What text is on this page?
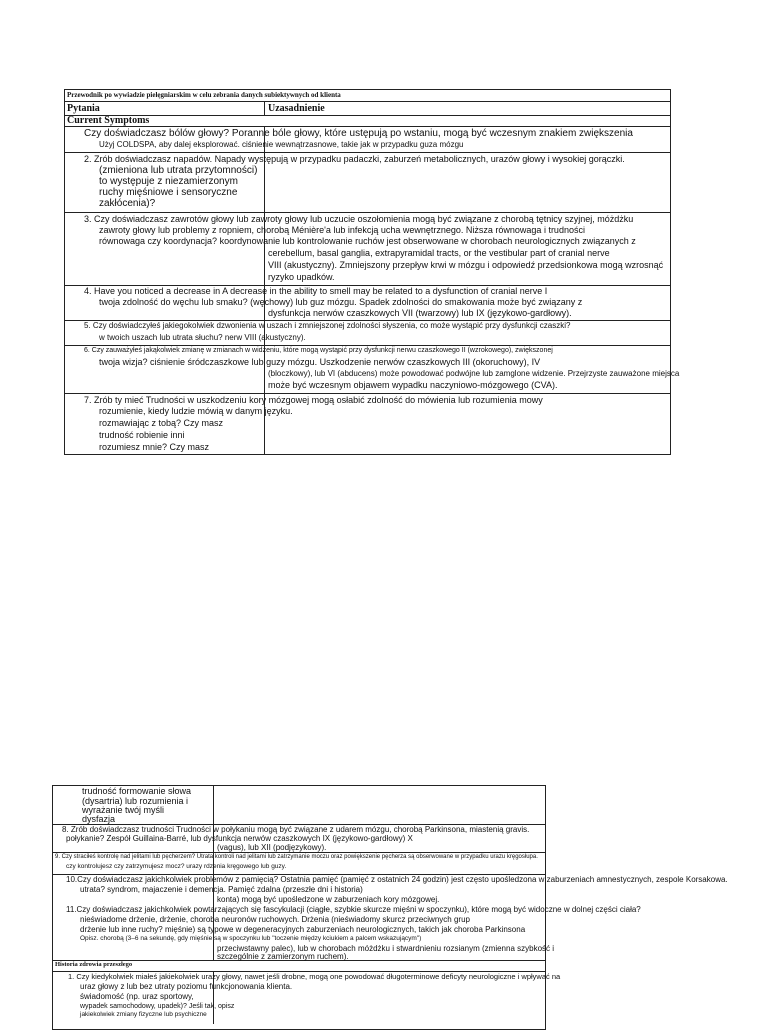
Przewodnik po wywiadzie pielęgniarskim w celu zebrania danych subiektywnych od klienta
Pytania	Uzasadnienie
Current Symptoms
Czy doświadczasz bólów głowy? Poranne bóle głowy, które ustępują po wstaniu, mogą być wczesnym znakiem zwiększenia
Użyj COLDSPA, aby dalej eksplorować. ciśnienie wewnątrzasnowe, takie jak w przypadku guza mózgu
2. Zrób doświadczasz napadów. Napady występują w przypadku padaczki, zaburzeń metabolicznych, urazów głowy i wysokiej gorączki.
(zmieniona lub utrata przytomności)
to występuje z niezamierzonym
ruchy mięśniowe i sensoryczne
zakłócenia)?
3. Czy doświadczasz zawrotów głowy lub zawroty głowy lub uczucie oszołomienia mogą być związane z chorobą tętnicy szyjnej, móżdżku
zawroty głowy lub problemy z ropniem, chorobą Ménière'a lub infekcją ucha wewnętrznego. Niższa równowaga i trudności
równowaga czy koordynacja? koordynowanie lub kontrolowanie ruchów jest obserwowane w chorobach neurologicznych związanych z
cerebellum, basal ganglia, extrapyramidal tracts, or the vestibular part of cranial nerve
VIII (akustyczny). Zmniejszony przepływ krwi w mózgu i odpowiedź przedsionkowa mogą wzrosnąć
ryzyko upadków.
4. Have you noticed a decrease in A decrease in the ability to smell may be related to a dysfunction of cranial nerve I
twoja zdolność do węchu lub smaku? (węchowy) lub guz mózgu. Spadek zdolności do smakowania może być związany z
dysfunkcja nerwów czaszkowych VII (twarzowy) lub IX (językowo-gardłowy).
5. Czy doświadczyłeś jakiegokolwiek dzwonienia w uszach i zmniejszonej zdolności słyszenia, co może wystąpić przy dysfunkcji czaszki?
w twoich uszach lub utrata słuchu? nerw VIII (akustyczny).
6. Czy zauważyłeś jakąkolwiek zmianę w zmianach w widzeniu, które mogą wystąpić przy dysfunkcji nerwu czaszkowego II (wzrokowego), zwiększonej
twoja wizja? ciśnienie śródczaszkowe lub guzy mózgu. Uszkodzenie nerwów czaszkowych III (okoruchowy), IV
(bloczkowy), lub VI (abducens) może powodować podwójne lub zamglone widzenie. Przejrzyste zauważone miejsca
może być wczesnym objawem wypadku naczyniowo-mózgowego (CVA).
7. Zrób ty mieć Trudności w uszkodzeniu kory mózgowej mogą osłabić zdolność do mówienia lub rozumienia mowy
rozumienie, kiedy ludzie mówią w danym języku.
rozmawiając z tobą? Czy masz
trudność robienie inni
rozumiesz mnie? Czy masz
trudność formowanie słowa
(dysartria) lub rozumienia i
wyrażanie twój myśli
dysfazja
8. Zrób doświadczasz trudności Trudności w połykaniu mogą być związane z udarem mózgu, chorobą Parkinsona, miastenią gravis.
połykanie? Zespół Guillaina-Barré, lub dysfunkcja nerwów czaszkowych IX (językowo-gardłowy) X
(vagus), lub XII (podjęzykowy).
9. Czy straciłeś kontrolę nad jelitami lub pęcherzem? Utrata kontroli nad jelitami lub zatrzymanie moczu oraz powiększenie pęcherza są obserwowane w przypadku urazu kręgosłupa.
czy kontrolujesz czy zatrzymujesz mocz? urazy rdzenia kręgowego lub guzy.
10.Czy doświadczasz jakichkolwiek problemów z pamięcią? Ostatnia pamięć (pamięć z ostatnich 24 godzin) jest często upośledzona w zaburzeniach amnestycznych, zespole Korsakowa.
utrata? syndrom, majaczenie i demencja. Pamięć zdalna (przeszłe dni i historia)
konta) mogą być upośledzone w zaburzeniach kory mózgowej.
11.Czy doświadczasz jakichkolwiek powtarzających się fascykulacji (ciągłe, szybkie skurcze mięśni w spoczynku), które mogą być widoczne w dolnej części ciała?
nieświadome drżenie, drżenie, choroba neuronów ruchowych. Drżenia (nieświadomy skurcz przeciwnych grup
drżenie lub inne ruchy? mięśnie) są typowe w degeneracyjnych zaburzeniach neurologicznych, takich jak choroba Parkinsona
Opisz. chorobą (3–6 na sekundę, gdy mięśnie są w spoczynku lub "toczenie między kciukiem a palcem wskazującym")
przeciwstawny palec), lub w chorobach móżdżku i stwardnieniu rozsianym (zmienna szybkość i
szczególnie z zamierzonym ruchem).
Historia zdrowia przeszłego
1. Czy kiedykolwiek miałeś jakiekolwiek urazy głowy, nawet jeśli drobne, mogą one powodować długoterminowe deficyty neurologiczne i wpływać na
uraz głowy z lub bez utraty poziomu funkcjonowania klienta.
świadomość (np. uraz sportowy,
wypadek samochodowy, upadek)? Jeśli tak, opisz
jakiekolwiek zmiany fizyczne lub psychiczne
